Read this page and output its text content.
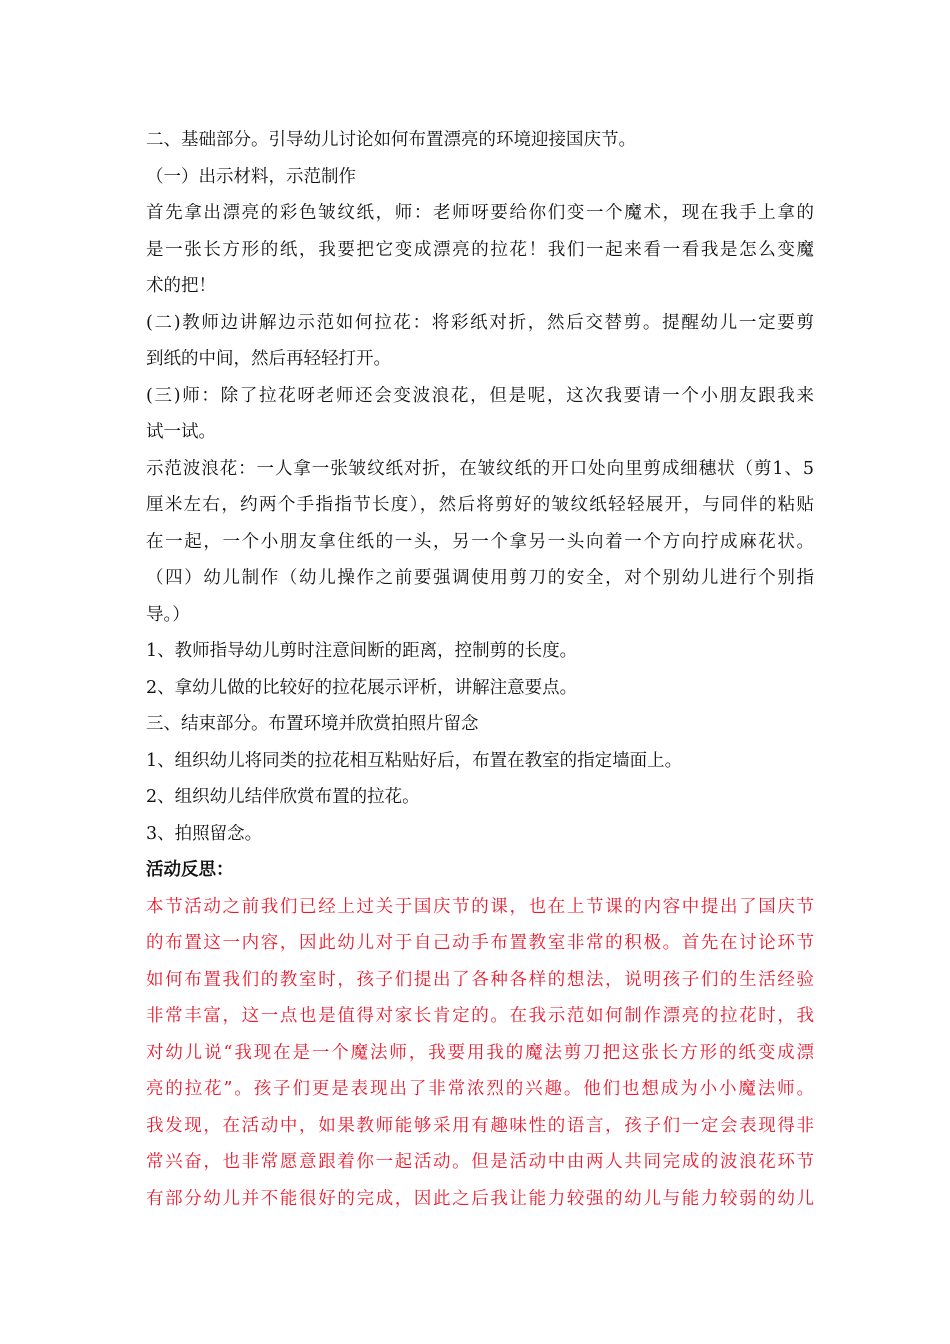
二、基础部分。引导幼儿讨论如何布置漂亮的环境迎接国庆节。
（一）出示材料，示范制作
首先拿出漂亮的彩色皱纹纸，师：老师呀要给你们变一个魔术，现在我手上拿的
是一张长方形的纸，我要把它变成漂亮的拉花！我们一起来看一看我是怎么变魔
术的把！
(二)教师边讲解边示范如何拉花：将彩纸对折，然后交替剪。提醒幼儿一定要剪
到纸的中间，然后再轻轻打开。
(三)师：除了拉花呀老师还会变波浪花，但是呢，这次我要请一个小朋友跟我来
试一试。
示范波浪花：一人拿一张皱纹纸对折，在皱纹纸的开口处向里剪成细穗状（剪1、5
厘米左右，约两个手指指节长度），然后将剪好的皱纹纸轻轻展开，与同伴的粘贴
在一起，一个小朋友拿住纸的一头，另一个拿另一头向着一个方向拧成麻花状。
（四）幼儿制作（幼儿操作之前要强调使用剪刀的安全，对个别幼儿进行个别指
导。）
1、教师指导幼儿剪时注意间断的距离，控制剪的长度。
2、拿幼儿做的比较好的拉花展示评析，讲解注意要点。
三、结束部分。布置环境并欣赏拍照片留念
1、组织幼儿将同类的拉花相互粘贴好后，布置在教室的指定墙面上。
2、组织幼儿结伴欣赏布置的拉花。
3、拍照留念。
活动反思：
本节活动之前我们已经上过关于国庆节的课，也在上节课的内容中提出了国庆节
的布置这一内容，因此幼儿对于自己动手布置教室非常的积极。首先在讨论环节
如何布置我们的教室时，孩子们提出了各种各样的想法，说明孩子们的生活经验
非常丰富，这一点也是值得对家长肯定的。在我示范如何制作漂亮的拉花时，我
对幼儿说“我现在是一个魔法师，我要用我的魔法剪刀把这张长方形的纸变成漂
亮的拉花”。孩子们更是表现出了非常浓烈的兴趣。他们也想成为小小魔法师。
我发现，在活动中，如果教师能够采用有趣味性的语言，孩子们一定会表现得非
常兴奋，也非常愿意跟着你一起活动。但是活动中由两人共同完成的波浪花环节
有部分幼儿并不能很好的完成，因此之后我让能力较强的幼儿与能力较弱的幼儿
